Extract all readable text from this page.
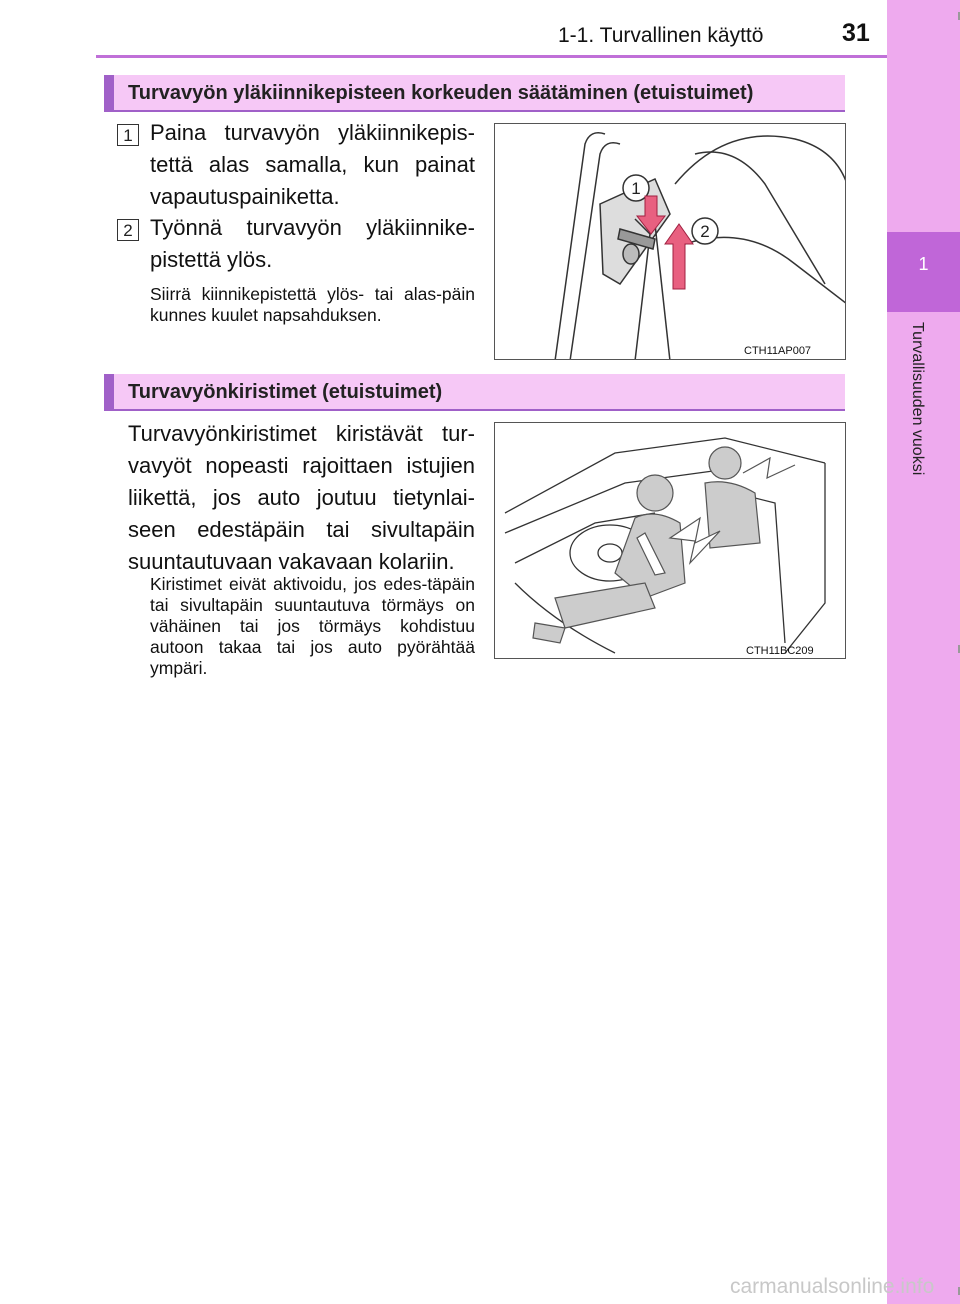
1
Turvallisuuden vuoksi
1-1. Turvallinen käyttö	31
Turvavyön yläkiinnikepisteen korkeuden säätäminen (etuistuimet)
1 Paina turvavyön yläkiinnikepis-tettä alas samalla, kun painat vapautuspainiketta.
2 Työnnä turvavyön yläkiinnike-pistettä ylös.
Siirrä kiinnikepistettä ylös- tai alas-päin kunnes kuulet napsahduksen.
1
2
CTH11AP007
Turvavyönkiristimet (etuistuimet)
Turvavyönkiristimet kiristävät tur-vavyöt nopeasti rajoittaen istujien liikettä, jos auto joutuu tietynlai-seen edestäpäin tai sivultapäin suuntautuvaan vakavaan kolariin.
Kiristimet eivät aktivoidu, jos edes-täpäin tai sivultapäin suuntautuva törmäys on vähäinen tai jos törmäys kohdistuu autoon takaa tai jos auto pyörähtää ympäri.
CTH11BC209
carmanualsonline.info
